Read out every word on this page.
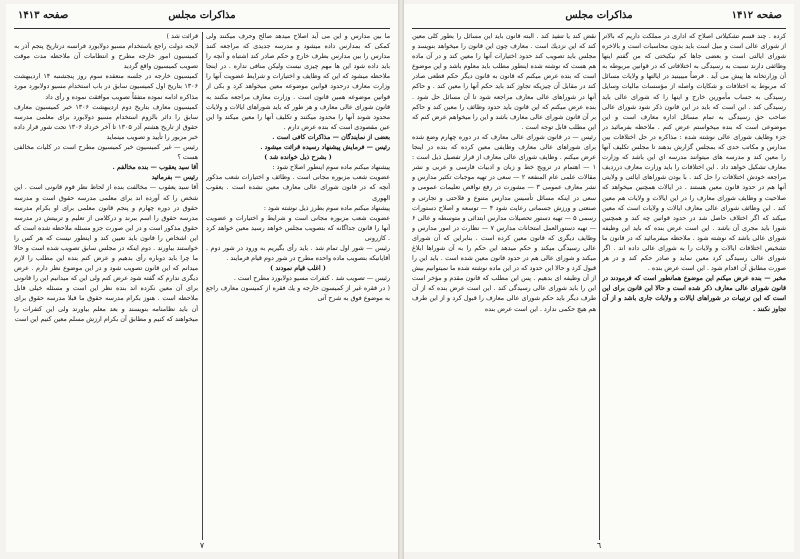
صفحه ۱۴۱۳	مذاكرات مجلس

ما بين مدارس و اين مى آيد اصلاح ميدهد صالح وحرف ميكنند ولى كمكى كه بمدارس داده ميشود و مدرسه جديدى كه مراجعه كنند مدارس را بين مدارس بطرف خارج و حكم صادر كند اشتباه و آنچه را بايد داده شود اين ها مهم چيزى نيست وليكن منافى نداره . در اينجا ملاحظه ميشود كه اين كه وظايف و اختيارات و شرايط عضويت آنها را وزارت معارف درحدود قوانين موضوعه معين ميخواهد كرد و بكى از قوانين موضوعه همين قانون است . وزارت معارف مراجعه مكنند به قانون شوراى عالى معارف و هر طور كه بايد شوراهاى ايالات و ولايات محدود شوند آنها را محدود ميكنند و تكليف آنها را معين ميكند وا اين عين مقصودى است كه بنده عرض دارم .

بعضى از نمايندگان — مذاكرات كافى است .

رئيس — فرمايش پيشنهاد رسيده قرائت ميشود .

( بشرح ذيل خوانده شد )

پيشنهاد ميكنم ماده سوم اينطور اصلاح شود :

عضويت شعب مزبوره مجانى است . وظائف و اختيارات شعب مذكور آنچه كه در قانون شوراى عالى معارف معين نشده است . يعقوب الهورى

پيشنهاد ميكنم ماده سوم بطرز ذيل نوشته شود :

عضويت شعب مزبوره مجانى است و شرايط و اختيارات و عضويت آنها را قانون جداگانه كه بتصويب مجلس خواهد رسيد معين خواهد كرد . كازرونى

رئيس — شور اول تمام شد . بايد رأى بگيريم به ورود در شور دوم . آقايانيكه بتصويب ماده واحده مطرح در شور دوم قيام فرمايند .

( اغلب قيام نمودند )

رئيس — تصويب شد . كتفرات مسيو دولابورد مطرح است .

( در فقره غير از كميسون خارجه و يك فقره از كميسون معارف راجع به موضوع فوق به شرح آتى

قرائت شد )

لايحه دولت راجع باستخدام مسيو دولابورد فرانسه درتاريخ پنجم آذر به كميسيون امور خارجه مطرح و انتظامات آن ملاحظه مدت موقت تصويب كميسيون واقع گرديد

كميسيون خارجه در جلسه منعقده سوم روز پنجشنبه ۱۴ اردیبهشت ۱۳۰۶ بتاريخ اول كميسيون سابق در باب استخدام مسيو دولابورد مورد مذاكره ادامه نموده متفقاً تصويب موافقت نموده و رأى داد

كميسيون معارف بتاريخ دوم اردیبهشت ۱۳۰۶ خبر كميسيون معارف سابق را دائر بالزوم استخدام مسيو دولابورد براى معلمى مدرسه حقوق از تاريخ هشتم آذر ۱۳۰۵ تا آخر خرداد ۱۳۰۶ تحت شور قرار داده خبر مزبور را تأييد و تصويب مينمايد

رئيس — غير كميسيون خبر كميسيون مطرح است در كليات مخالفى هست ؟

آقا سيد يعقوب — بنده مخالفم .

رئيس — بفرمائيد

آقا سيد يعقوب — مخالفت بنده از لحاظ نظر قوم قانونى است . اين شخص را كه آورده اند براى معلمى مدرسه حقوق است و مدرسه حقوق در دوره چهارم و پنجم قانون معلمى براى او بكرام مدرسه مدرسه حقوق را اسم ببرند و دركلامى از تعليم و تربيتش در مدرسه حقوق مذكور است و در اين صورت جزو مسئله ملاحظه شده است كه اين اشخاص را قانون بايد تعيين كند و اينطور نيست كه هر كس را خواستند بياورند . دوم اينكه در مجلس سابق تصويب شده است و حالا ما چرا بايد دوباره رأى بدهيم و عرض كنم بنده اين مطلب را لازم ميدانم كه اين قانون تصويب شود و در اين موضوع نظر دارم . عرض ديگرى ندارم كه گفته شود عرض كنم ولى اين كه ميدانيم اين را قانونى براى آن معين نكرده اند بنده نظر اين است و مسئله خيلى قابل ملاحظه است . هنوز بكرام مدرسه حقوق ما قبلا مدرسه حقوق براى آن بايد نظامنامه بنويسند و بعد معلم بياورند ولى اين كتفرات را ميخواهند كه كنيم و مطابق آن بكرام ارزش مسلم معين كنيم اين است

٧
صفحه ۱۴۱۲
مذاكرات مجلس

كرده . چند قسم تشكيلاتى اصلاح كه ادارى در مملكت داريم كه بالاتر از شوراى عالى است و ميل است بايد بدون محاسبات است و بالاخره شوراى ايالتى است و بعضى جاها كم نيكبختى كه من گفتم اينها وظائفى دارند نسبت به رسيدگى به اختلافاتى كه در قوانين مربوطه به آن وزارتخانه ها پيش مى آيد . فرضاً ميبينيد در ايالتها و ولايات مسائل كه مربوط به اختلافات و شكايات واصله از مؤسسات ماليات وسايل رسيدگى به حساب مأمورين خارج و اينها را كه شوراى عالى بايد رسيدگى كند . اين است كه بايد در اين قانون ذكر شود شوراى عالى صاحب حق رسيدگى به تمام مسائل اداره معارف است و اين موضوعى است كه بنده ميخواستم عرض كنم . ملاحظه بفرمائيد در جزء وظايف شوراى عالى نوشته شده : مذاكره در حل اختلافات بين مدارس و مكاتب حدى كه بمجلس گزارش بدهند تا مجلس تكليف آنها را معين كند و مدرسه هاى ميتوانند مدرسه اي اين باشد كه وزارت معارف تشكيل خواهد داد . اين اختلافات را بايد وزارت معارف دررديف مراجعه خودش اختلافات را حل كند . با بودن شوراهاى ايالتى و ولايتى آنها هم در حدود قانون معين هستند . در ايالات همچنين ميخواهد كه صلاحيت و وظايف شوراى معارف را در اين ايالات و ولايات هم معين كند . اين وظائف شوراى عالى معارف ايالات و ولايات است كه معين ميكند كه اگر اختلاف حاصل شد در حدود قوانين چه كند و همچنين شورا بايد مجرى آن باشد . اين است عرض بنده كه بايد اين وظيفه شوراى عالى باشد كه نوشته شود . ملاحظه ميفرمائيد كه در قانون ما تشخيص اختلافات ايالات و ولايات را به شوراى عالى داده اند . اگر شوراى عالى رسيدگى كرد معين نمايد و صادر حكم كند و در هر صورت مطابق آن اقدام شود . اين است عرض بنده .

مخبر — بنده عرض ميكنم اين موضوع همانطور است كه فرمودند در قانون شوراى عالى معارف ذكر شده است و حالا اين قانون براى اين است كه اين ترتيبات در شوراهاى ايالات و ولايات جارى باشد و از آن تجاوز نكنند .

نقض كند يا تنفيذ كند . البته قانون بايد اين مسائل را بطور كلى معين كند كه اين نزديك است . معارف چون اين قانون را ميخواهد بنويسد و مجلس بايد تصويب كند حدود اختيارات آنها را معين كند و در آن ماده هم هست كه نوشته شده اينطور مطلب بايد معلوم باشد و اين موضوع است كه بنده عرض ميكنم كه قانون به قانون ديگر حكم قطعى صادر كند در مقابل آن چيزيكه تجاوز كند بايد حكم آنها را معين كند . و حاكم آنها در شوراهاى عالى معارف مراجعه شود تا آن مسائل حل شود . بنده عرض ميكنم كه اين قانون بايد حدود وظائف را معين كند و حاكم بر آن قانون شوراى عالى معارف باشد و اين را ميخواهم عرض كنم كه اين مطلب قابل توجه است .

رئيس — در قانون شوراى عالى معارف كه در دوره چهارم وضع شده براى شوراهاى عالى معارف وظايفى معين كرده كه بنده در اينجا عرض ميكنم . وظايف شوراى عالى معارف از قرار تفصيل ذيل است : ۱ — اهتمام در ترويج خط و زبان و ادبيات فارسى و عربى و نشر مقالات علمى عام المنفعه ۲ — سعى در تهيه موجبات تكثير مدارس و نشر معارف عمومى ۳ — مشورت در رفع نواقص تعليمات عمومى و سعى در اينكه مسائل تأسيس مدارس متنوع و فلاحتى و تجارتى و صنعتى و ورزش جسمانى رعايت شود ۴ — توسعه و اصلاح دستورات رسمى ۵ — تهيه دستور تحصيلات مدارس ابتدائى و متوسطه و عالى ۶ — تهيه دستورالعمل امتحانات مدارس ۷ — نظارت در امور مدارس و وظايف ديگرى كه قانون معين كرده است . بنابراين كه آن شوراى عالى رسيدگى ميكند و حكم ميدهد اين حكم را به آن شوراها ابلاغ ميكند و شوراى عالى هم در حدود قانون معين شده است . بايد اين را قبول كرد و حالا اين حدود كه در اين ماده نوشته شده ما نميتوانيم بيش از آن وظيفه اى بدهيم . پس اين مطلب كه قانون مقدم و مؤخر است اين را بايد شوراى عالى رسيدگى كند . اين است عرض بنده كه از آن طرف ديگر بايد حكم شوراى عالى معارف را قبول كرد و از اين طرف هم هيچ حكمى ندارد . اين است عرض بنده

٦
